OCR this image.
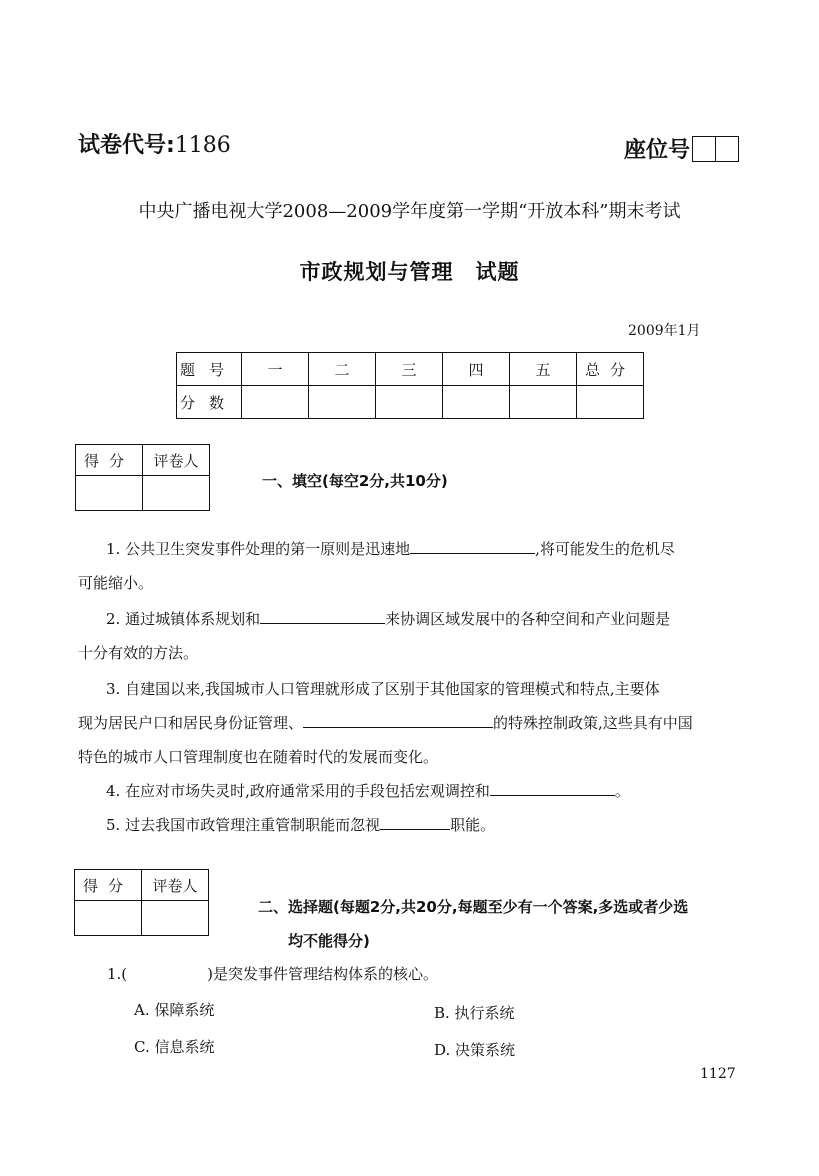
试卷代号:1186	座位号
中央广播电视大学2008—2009学年度第一学期“开放本科”期末考试
市政规划与管理　试题
2009年1月
题号	一	二	三	四	五	总分
分数						
得分	评卷人

一、填空(每空2分,共10分)
1. 公共卫生突发事件处理的第一原则是迅速地	,将可能发生的危机尽
可能缩小。
2. 通过城镇体系规划和	来协调区域发展中的各种空间和产业问题是
十分有效的方法。
3. 自建国以来,我国城市人口管理就形成了区别于其他国家的管理模式和特点,主要体
现为居民户口和居民身份证管理、	的特殊控制政策,这些具有中国
特色的城市人口管理制度也在随着时代的发展而变化。
4. 在应对市场失灵时,政府通常采用的手段包括宏观调控和	。
5. 过去我国市政管理注重管制职能而忽视	职能。
得分	评卷人

二、选择题(每题2分,共20分,每题至少有一个答案,多选或者少选
均不能得分)
1.(	)是突发事件管理结构体系的核心。
A. 保障系统	B. 执行系统
C. 信息系统	D. 决策系统
1127
